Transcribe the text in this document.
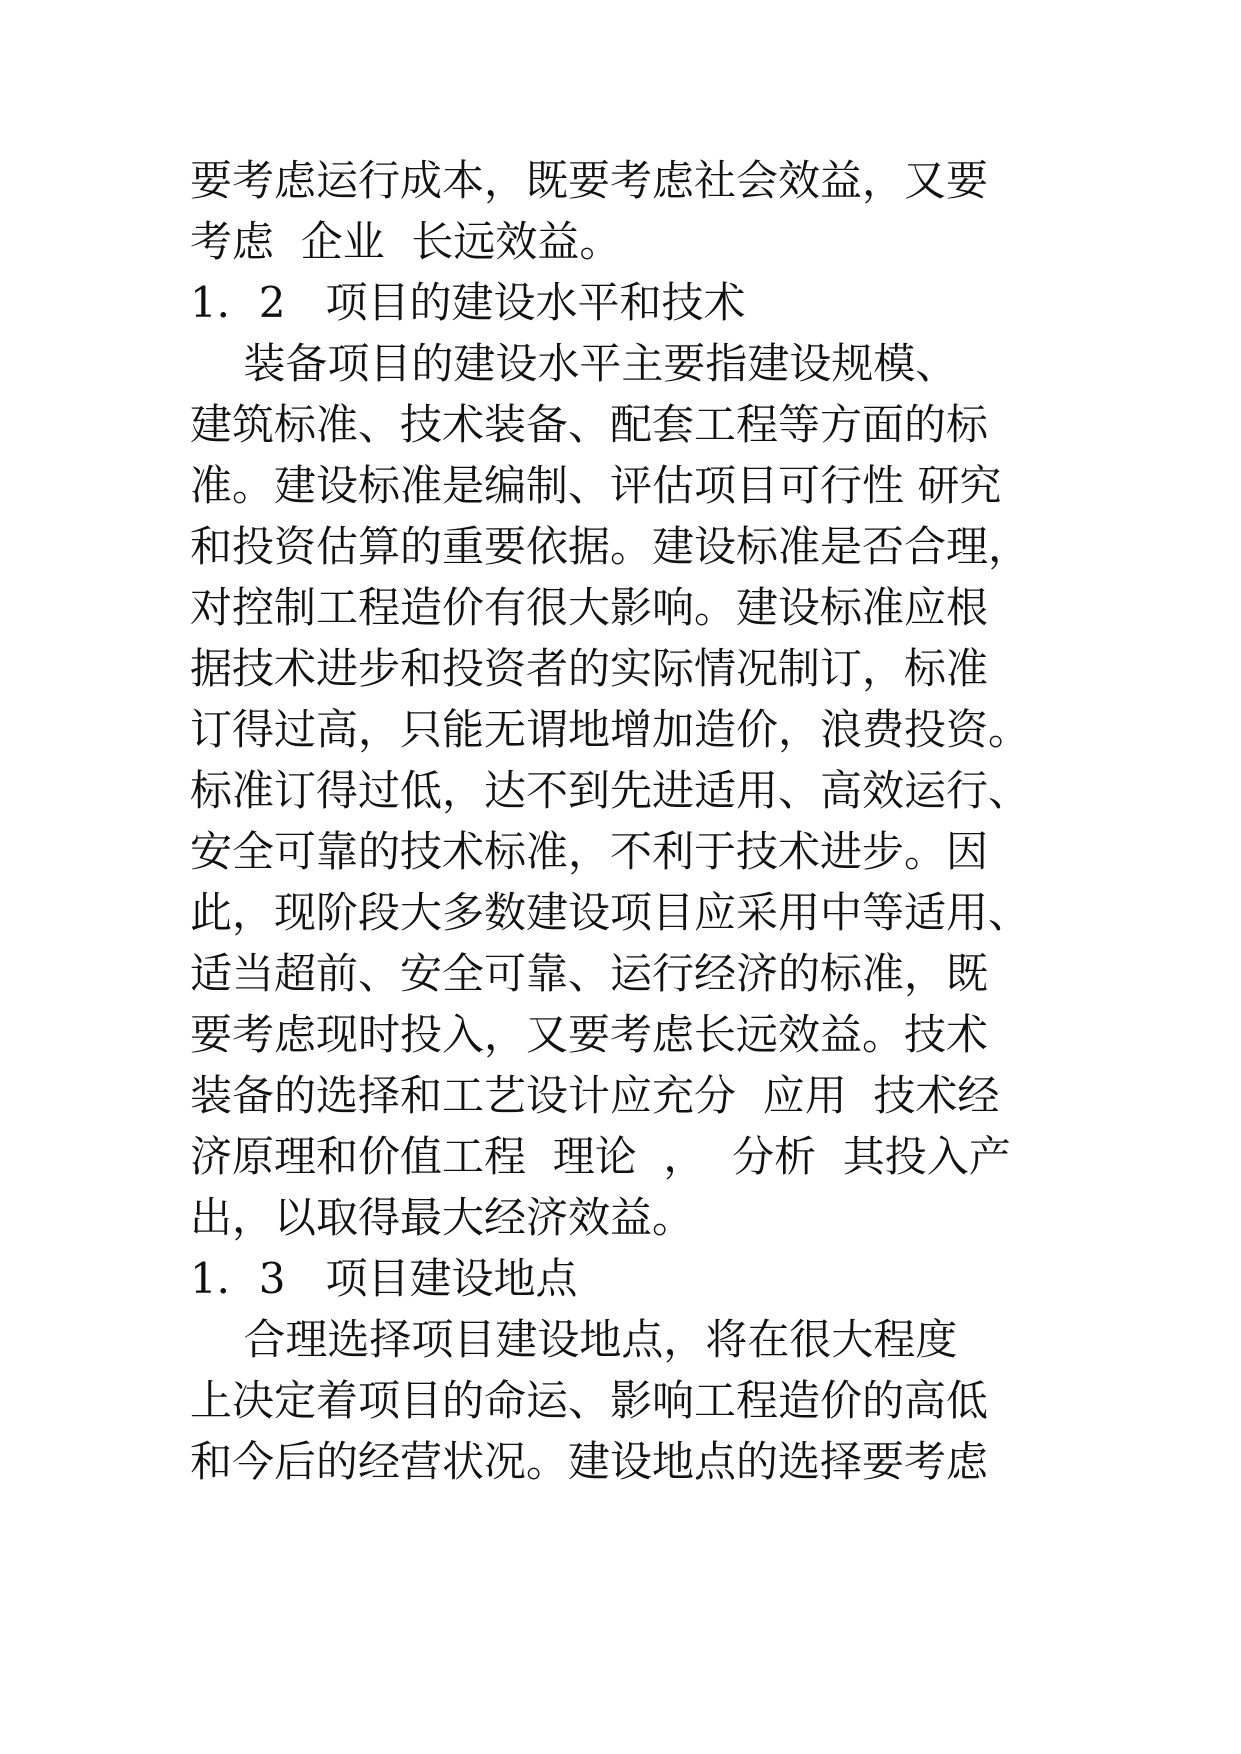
要考虑运行成本，既要考虑社会效益，又要
考虑  企业  长远效益。
1．2   项目的建设水平和技术
装备项目的建设水平主要指建设规模、
建筑标准、技术装备、配套工程等方面的标
准。建设标准是编制、评估项目可行性 研究
和投资估算的重要依据。建设标准是否合理，
对控制工程造价有很大影响。建设标准应根
据技术进步和投资者的实际情况制订，标准
订得过高，只能无谓地增加造价，浪费投资。
标准订得过低，达不到先进适用、高效运行、
安全可靠的技术标准，不利于技术进步。因
此，现阶段大多数建设项目应采用中等适用、
适当超前、安全可靠、运行经济的标准，既
要考虑现时投入，又要考虑长远效益。技术
装备的选择和工艺设计应充分  应用  技术经
济原理和价值工程  理论  ，  分析  其投入产
出，以取得最大经济效益。
1．3   项目建设地点
合理选择项目建设地点，将在很大程度
上决定着项目的命运、影响工程造价的高低
和今后的经营状况。建设地点的选择要考虑
